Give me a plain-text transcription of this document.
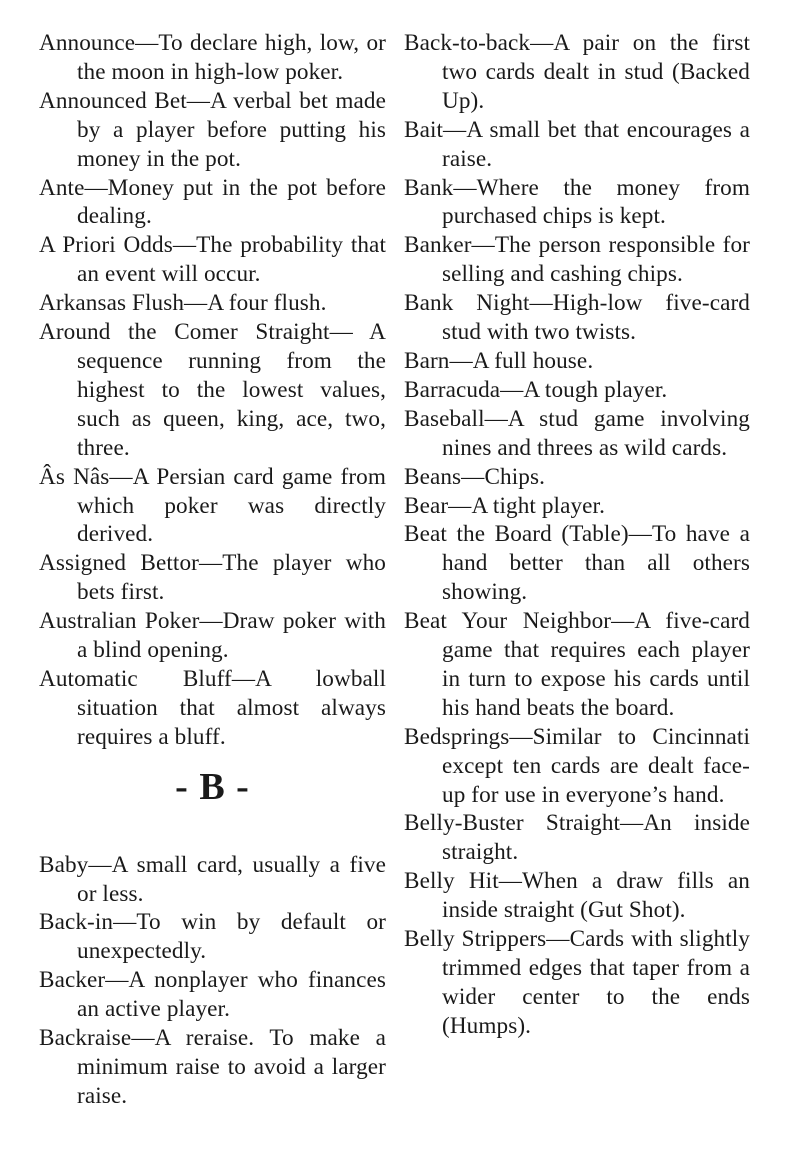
Announce—To declare high, low, or the moon in high-low poker.

Announced Bet—A verbal bet made by a player before putting his money in the pot.

Ante—Money put in the pot before dealing.

A Priori Odds—The probability that an event will occur.

Arkansas Flush—A four flush.

Around the Comer Straight— A sequence running from the highest to the lowest values, such as queen, king, ace, two, three.

Âs Nâs—A Persian card game from which poker was directly derived.

Assigned Bettor—The player who bets first.

Australian Poker—Draw poker with a blind opening.

Automatic Bluff—A lowball situation that almost always requires a bluff.

- B -

Baby—A small card, usually a five or less.

Back-in—To win by default or unexpectedly.

Backer—A nonplayer who finances an active player.

Backraise—A reraise. To make a minimum raise to avoid a larger raise.

Back-to-back—A pair on the first two cards dealt in stud (Backed Up).

Bait—A small bet that encourages a raise.

Bank—Where the money from purchased chips is kept.

Banker—The person responsible for selling and cashing chips.

Bank Night—High-low five-card stud with two twists.

Barn—A full house.

Barracuda—A tough player.

Baseball—A stud game involving nines and threes as wild cards.

Beans—Chips.

Bear—A tight player.

Beat the Board (Table)—To have a hand better than all others showing.

Beat Your Neighbor—A five-card game that requires each player in turn to expose his cards until his hand beats the board.

Bedsprings—Similar to Cincinnati except ten cards are dealt face-up for use in everyone’s hand.

Belly-Buster Straight—An inside straight.

Belly Hit—When a draw fills an inside straight (Gut Shot).

Belly Strippers—Cards with slightly trimmed edges that taper from a wider center to the ends (Humps).
